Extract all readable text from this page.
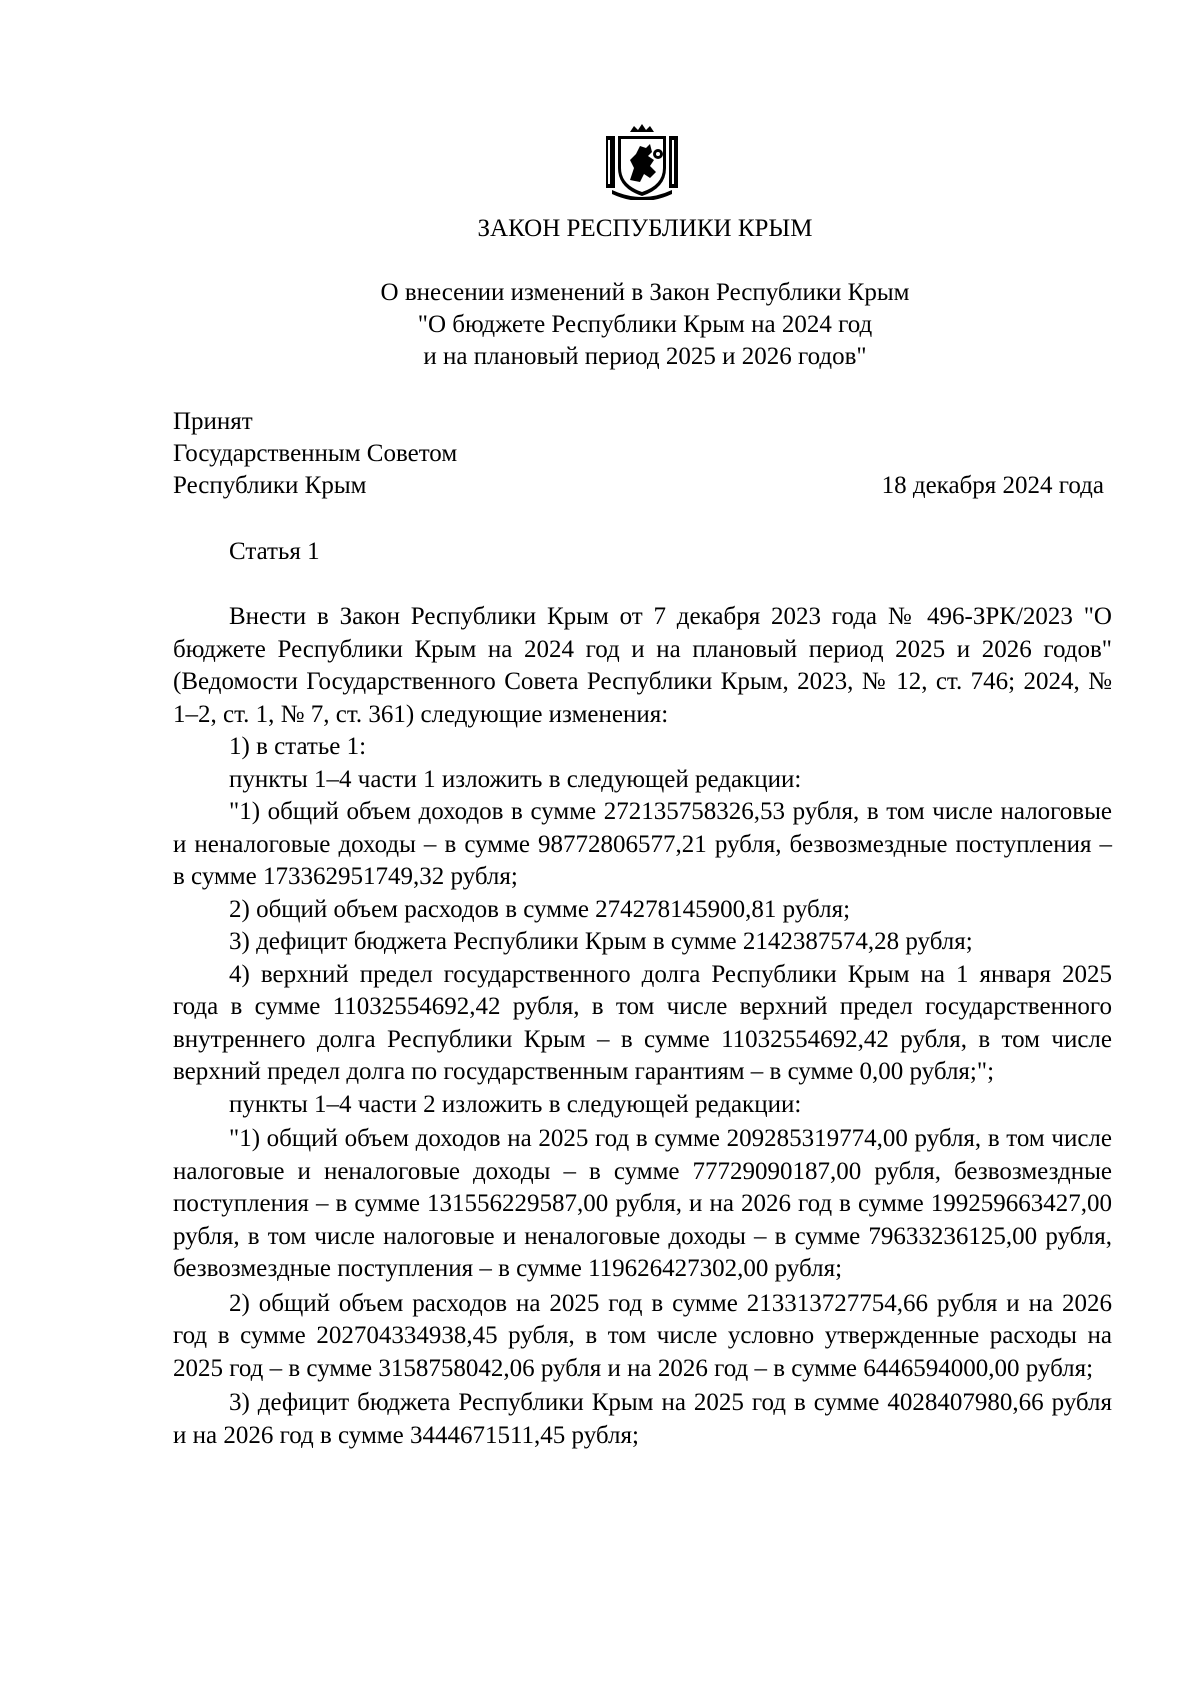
ЗАКОН РЕСПУБЛИКИ КРЫМ
О внесении изменений в Закон Республики Крым
"О бюджете Республики Крым на 2024 год
и на плановый период 2025 и 2026 годов"
Принят
Государственным Советом
Республики Крым	18 декабря 2024 года
Статья 1

Внести в Закон Республики Крым от 7 декабря 2023 года № 496-ЗРК/2023 "О бюджете Республики Крым на 2024 год и на плановый период 2025 и 2026 годов" (Ведомости Государственного Совета Республики Крым, 2023, № 12, ст. 746; 2024, № 1–2, ст. 1, № 7, ст. 361) следующие изменения:

1) в статье 1:

пункты 1–4 части 1 изложить в следующей редакции:

"1) общий объем доходов в сумме 272135758326,53 рубля, в том числе налоговые и неналоговые доходы – в сумме 98772806577,21 рубля, безвозмездные поступления – в сумме 173362951749,32 рубля;

2) общий объем расходов в сумме 274278145900,81 рубля;

3) дефицит бюджета Республики Крым в сумме 2142387574,28 рубля;

4) верхний предел государственного долга Республики Крым на 1 января 2025 года в сумме 11032554692,42 рубля, в том числе верхний предел государственного внутреннего долга Республики Крым – в сумме 11032554692,42 рубля, в том числе верхний предел долга по государственным гарантиям – в сумме 0,00 рубля;";

пункты 1–4 части 2 изложить в следующей редакции:

"1) общий объем доходов на 2025 год в сумме 209285319774,00 рубля, в том числе налоговые и неналоговые доходы – в сумме 77729090187,00 рубля, безвозмездные поступления – в сумме 131556229587,00 рубля, и на 2026 год в сумме 199259663427,00 рубля, в том числе налоговые и неналоговые доходы – в сумме 79633236125,00 рубля, безвозмездные поступления – в сумме 119626427302,00 рубля;

2) общий объем расходов на 2025 год в сумме 213313727754,66 рубля и на 2026 год в сумме 202704334938,45 рубля, в том числе условно утвержденные расходы на 2025 год – в сумме 3158758042,06 рубля и на 2026 год – в сумме 6446594000,00 рубля;

3) дефицит бюджета Республики Крым на 2025 год в сумме 4028407980,66 рубля и на 2026 год в сумме 3444671511,45 рубля;
